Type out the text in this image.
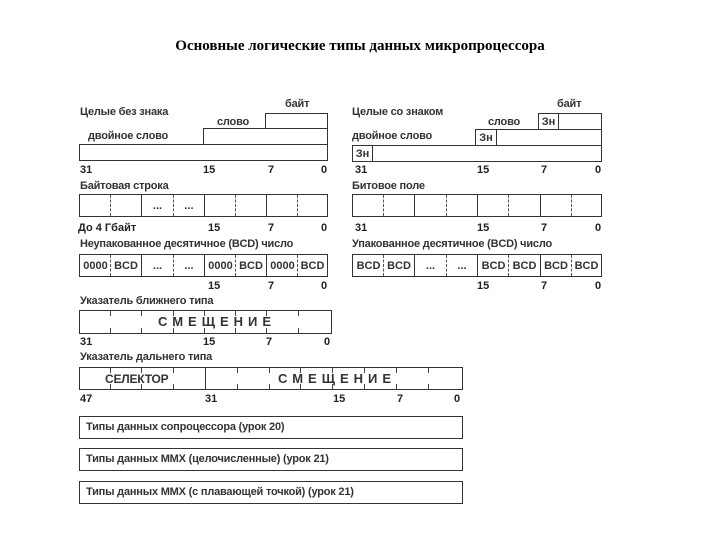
Основные логические типы данных микропроцессора
Целые без знака
байт
слово
двойное слово
31	15	7	0
Целые со знаком
байт
слово
двойное слово
Зн
Зн
Зн
31	15	7	0
Байтовая строка
...	...
До 4 Гбайт	15	7	0
Битовое поле
31	15	7	0
Неупакованное десятичное (BCD) число
0000 BCD	...	...	0000 BCD 0000 BCD
15	7	0
Упакованное десятичное (BCD) число
BCD BCD	...	...	BCD BCD BCD BCD
15	7	0
Указатель ближнего типа
СМЕЩЕНИЕ
31	15	7	0
Указатель дальнего типа
СЕЛЕКТОР	СМЕЩЕНИЕ
47	31	15	7	0
Типы данных сопроцессора (урок 20)
Типы данных MMX (целочисленные) (урок 21)
Типы данных MMX (с плавающей точкой) (урок 21)
